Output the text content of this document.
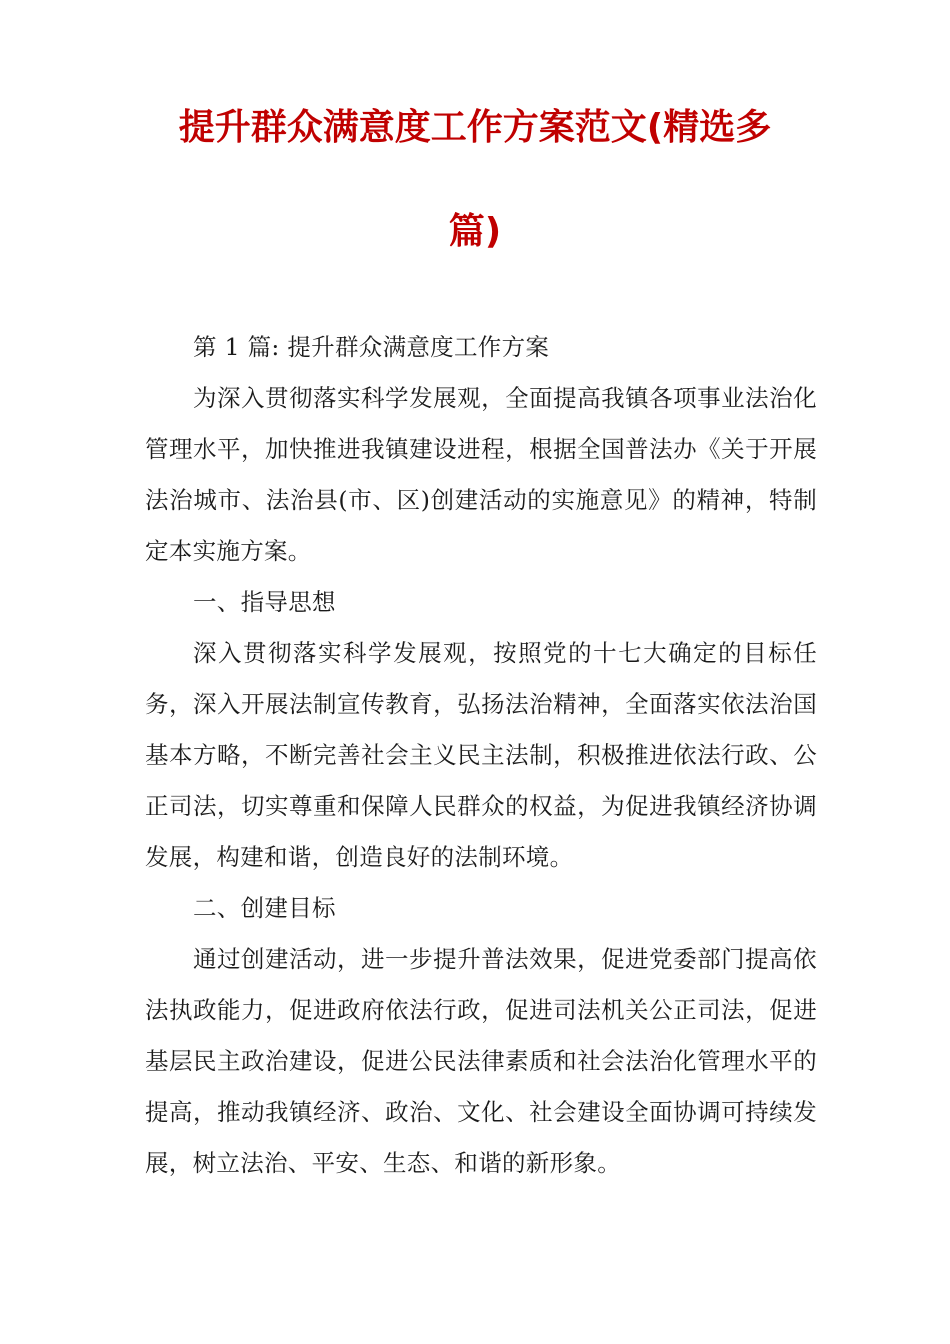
提升群众满意度工作方案范文(精选多
篇)

第 1 篇: 提升群众满意度工作方案

为深入贯彻落实科学发展观，全面提高我镇各项事业法治化管理水平，加快推进我镇建设进程，根据全国普法办《关于开展法治城市、法治县(市、区)创建活动的实施意见》的精神，特制定本实施方案。

一、指导思想

深入贯彻落实科学发展观，按照党的十七大确定的目标任务，深入开展法制宣传教育，弘扬法治精神，全面落实依法治国基本方略，不断完善社会主义民主法制，积极推进依法行政、公正司法，切实尊重和保障人民群众的权益，为促进我镇经济协调发展，构建和谐，创造良好的法制环境。

二、创建目标

通过创建活动，进一步提升普法效果，促进党委部门提高依法执政能力，促进政府依法行政，促进司法机关公正司法，促进基层民主政治建设，促进公民法律素质和社会法治化管理水平的提高，推动我镇经济、政治、文化、社会建设全面协调可持续发展，树立法治、平安、生态、和谐的新形象。
